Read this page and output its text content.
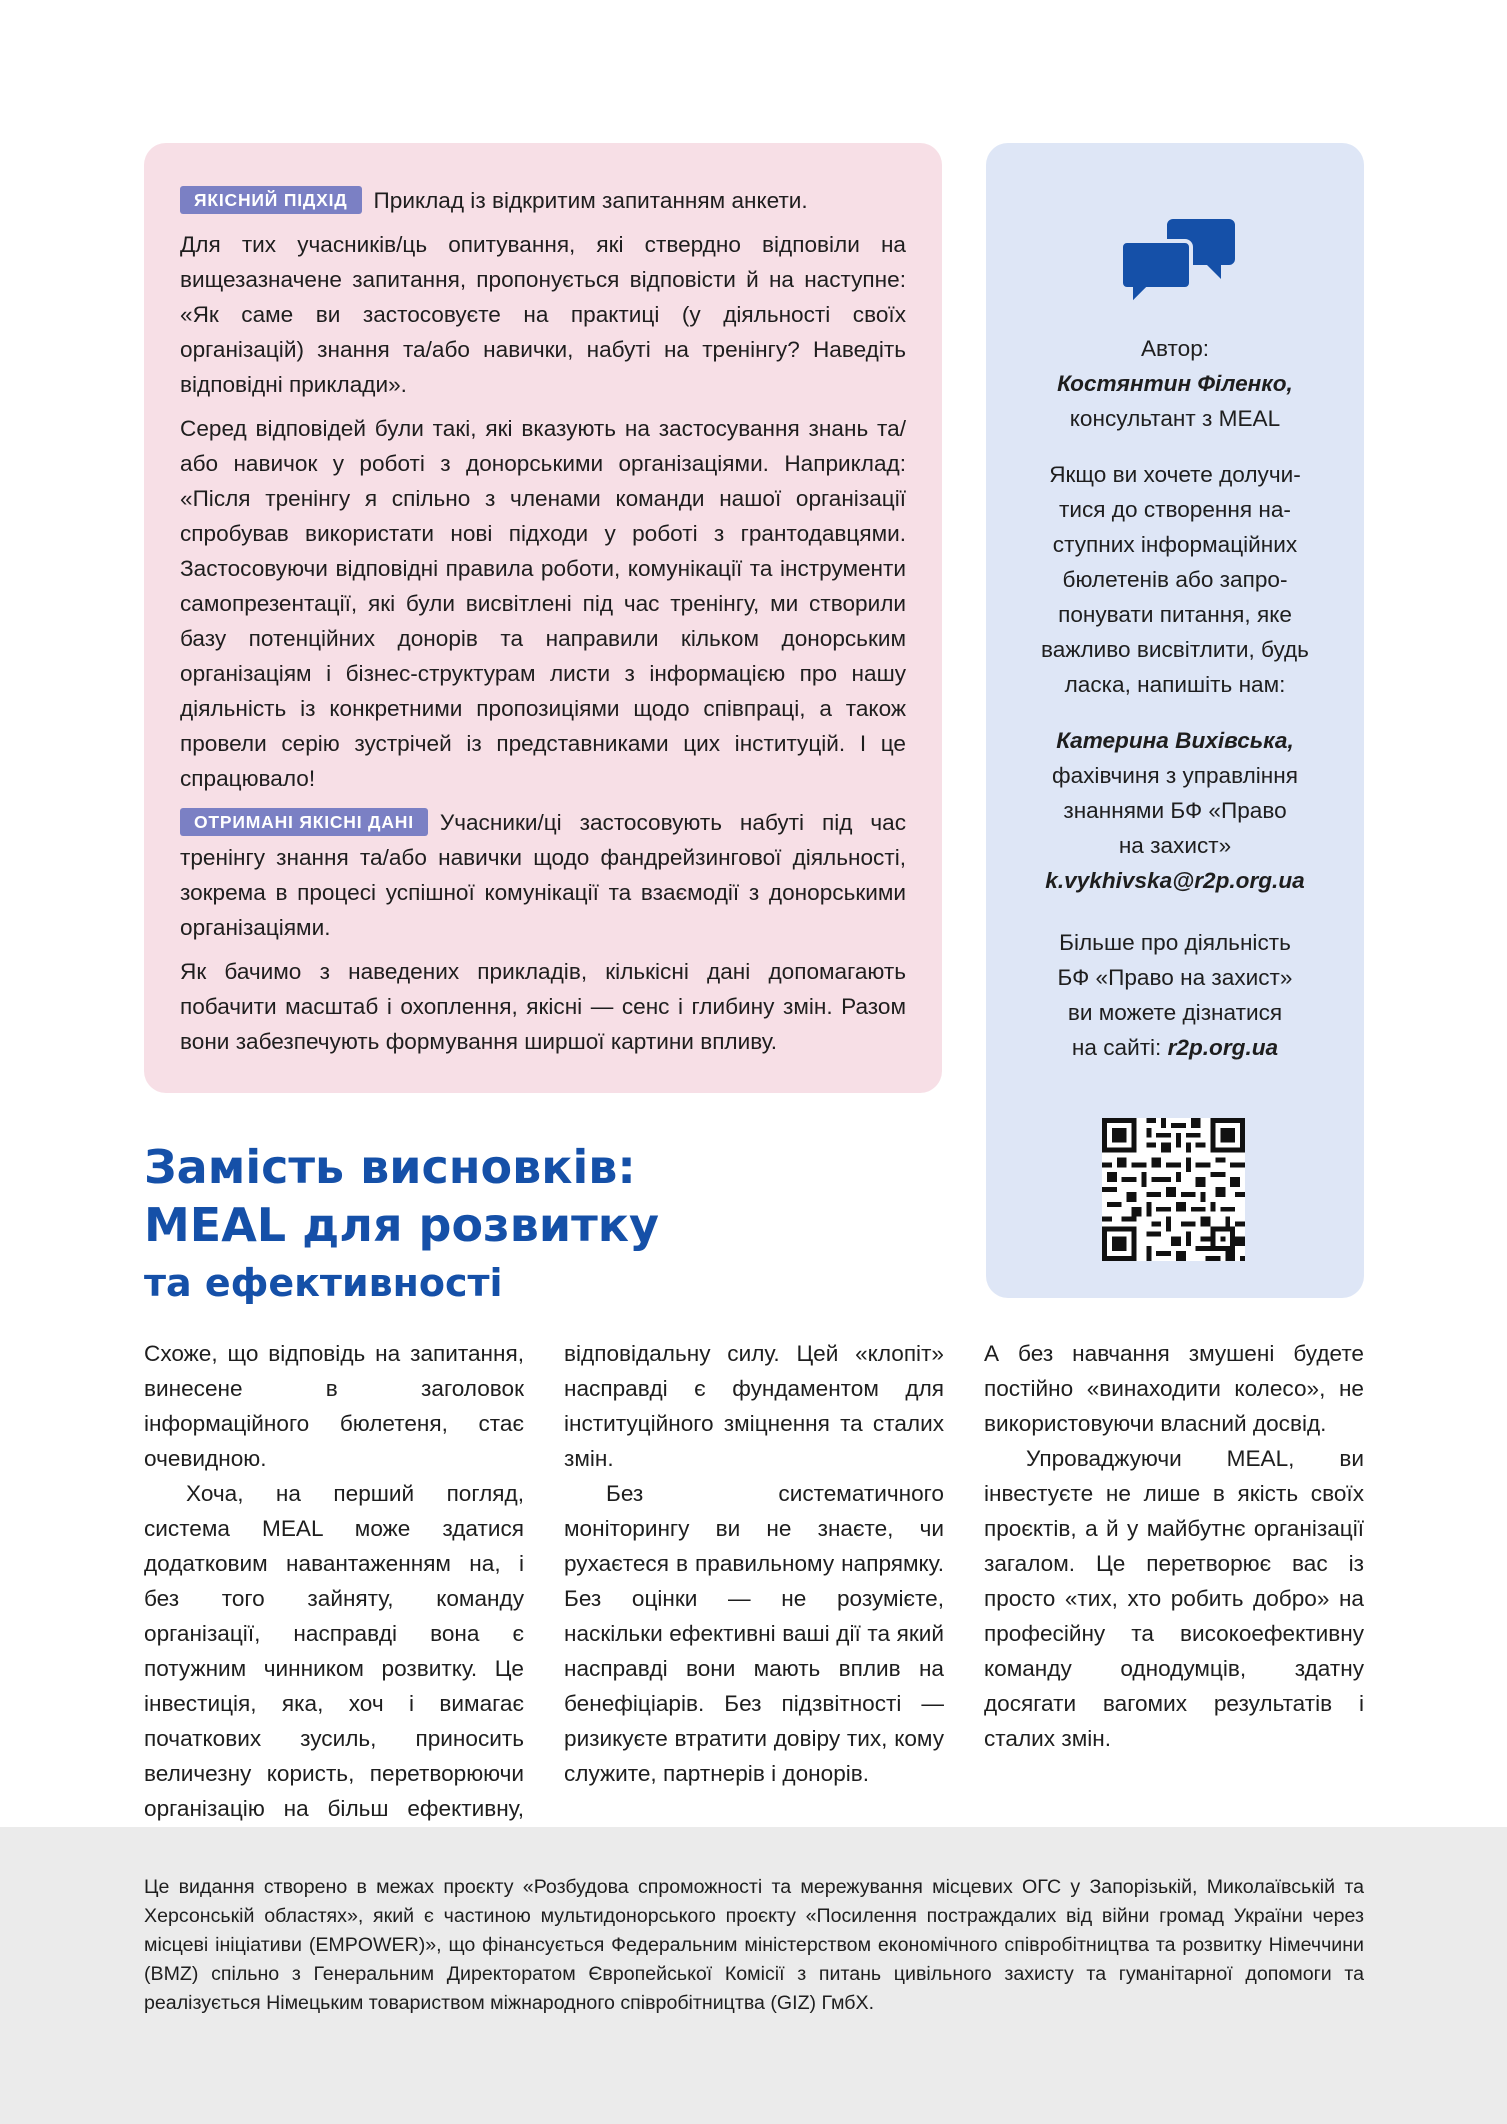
ЯКІСНИЙ ПІДХІД Приклад із відкритим запитанням анкети.

Для тих учасників/ць опитування, які ствердно відповіли на вищезазначене запитання, пропонується відповісти й на наступне: «Як саме ви застосовуєте на практиці (у діяльності своїх організацій) знання та/або навички, набуті на тренінгу? Наведіть відповідні приклади».

Серед відповідей були такі, які вказують на застосування знань та/або навичок у роботі з донорськими організаціями. Наприклад: «Після тренінгу я спільно з членами команди нашої організації спробував використати нові підходи у роботі з грантодавцями. Застосовуючи відповідні правила роботи, комунікації та інструменти самопрезентації, які були висвітлені під час тренінгу, ми створили базу потенційних донорів та направили кільком донорським організаціям і бізнес-структурам листи з інформацією про нашу діяльність із конкретними пропозиціями щодо співпраці, а також провели серію зустрічей із представниками цих інституцій. І це спрацювало!

ОТРИМАНІ ЯКІСНІ ДАНІ Учасники/ці застосовують набуті під час тренінгу знання та/або навички щодо фандрейзингової діяльності, зокрема в процесі успішної комунікації та взаємодії з донорськими організаціями.

Як бачимо з наведених прикладів, кількісні дані допомагають побачити масштаб і охоплення, якісні — сенс і глибину змін. Разом вони забезпечують формування ширшої картини впливу.

Автор:
Костянтин Філенко,
консультант з MEAL
Якщо ви хочете долучи-
тися до створення на-
ступних інформаційних
бюлетенів або запро-
понувати питання, яке
важливо висвітлити, будь
ласка, напишіть нам:
Катерина Вихівська,
фахівчиня з управління
знаннями БФ «Право
на захист»
k.vykhivska@r2p.org.ua
Більше про діяльність
БФ «Право на захист»
ви можете дізнатися
на сайті: r2p.org.ua
Замість висновків:
MEAL для розвитку
та ефективності

Схоже, що відповідь на запитання, винесене в заголовок інформаційного бюлетеня, стає очевидною.

Хоча, на перший погляд, система MEAL може здатися додатковим навантаженням на, і без того зайняту, команду організації, насправді вона є потужним чинником розвитку. Це інвестиція, яка, хоч і вимагає початкових зусиль, приносить величезну користь, перетворюючи організацію на більш ефективну,

відповідальну силу. Цей «клопіт» насправді є фундаментом для інституційного зміцнення та сталих змін.

Без систематичного моніторингу ви не знаєте, чи рухаєтеся в правильному напрямку. Без оцінки — не розумієте, наскільки ефективні ваші дії та який насправді вони мають вплив на бенефіціарів. Без підзвітності — ризикуєте втратити довіру тих, кому служите, партнерів і донорів.

А без навчання змушені будете постійно «винаходити колесо», не використовуючи власний досвід.

Упроваджуючи MEAL, ви інвестуєте не лише в якість своїх проєктів, а й у майбутнє організації загалом. Це перетворює вас із просто «тих, хто робить добро» на професійну та високоефективну команду однодумців, здатну досягати вагомих результатів і сталих змін.

Це видання створено в межах проєкту «Розбудова спроможності та мережування місцевих ОГС у Запорізькій, Миколаївській та Херсонській областях», який є частиною мультидонорського проєкту «Посилення постраждалих від війни громад України через місцеві ініціативи (EMPOWER)», що фінансується Федеральним міністерством економічного співробітництва та розвитку Німеччини (BMZ) спільно з Генеральним Директоратом Європейської Комісії з питань цивільного захисту та гуманітарної допомоги та реалізується Німецьким товариством міжнародного співробітництва (GIZ) ГмбХ.
